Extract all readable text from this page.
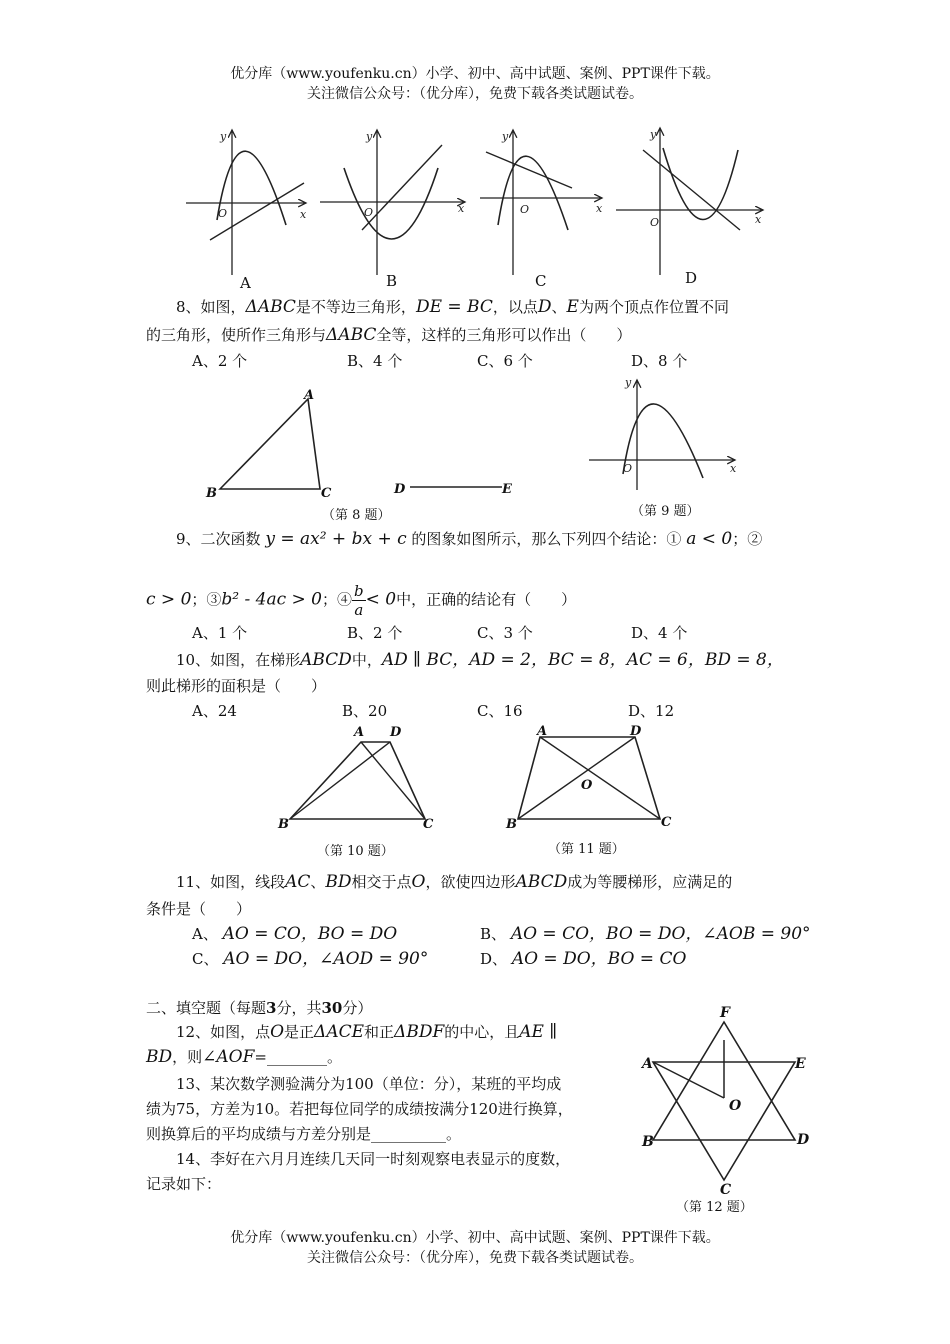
优分库（www.youfenku.cn）小学、初中、高中试题、案例、PPT课件下载。
关注微信公众号：（优分库），免费下载各类试题试卷。
y
x
O
y
x
O
y
x
O
y
x
O
A	B	C	D
8、如图，ΔABC是不等边三角形，DE = BC，以点D、E为两个顶点作位置不同
的三角形，使所作三角形与ΔABC全等，这样的三角形可以作出（　　）
A、2 个	B、4 个	C、6 个	D、8 个
A
B	C	D	E
（第 8 题）
y
x
O
（第 9 题）
9、二次函数 y = ax² + bx + c 的图象如图所示，那么下列四个结论：① a < 0；②
c > 0；③b² - 4ac > 0；④ $\frac{b}{a} < 0$中，正确的结论有（　　）
A、1 个	B、2 个	C、3 个	D、4 个
10、如图，在梯形ABCD中，AD ∥ BC，AD = 2，BC = 8，AC = 6，BD = 8，
则此梯形的面积是（　　）
A、24	B、20	C、16	D、12
A D
B	C
（第 10 题）
A	D
B	C
O
（第 11 题）
11、如图，线段AC、BD相交于点O，欲使四边形ABCD成为等腰梯形，应满足的
条件是（　　）
A、 AO = CO，BO = DO	B、 AO = CO，BO = DO，∠AOB = 90°
C、 AO = DO，∠AOD = 90°	D、 AO = DO，BO = CO
二、填空题（每题3分，共30分）
12、如图，点O是正ΔACE和正ΔBDF的中心，且AE ∥
BD，则∠AOF=________。
13、某次数学测验满分为100（单位：分），某班的平均成
绩为75，方差为10。若把每位同学的成绩按满分120进行换算，
则换算后的平均成绩与方差分别是__________。
14、李好在六月月连续几天同一时刻观察电表显示的度数，
记录如下：
F
A	E
O
B	D
C
（第 12 题）
优分库（www.youfenku.cn）小学、初中、高中试题、案例、PPT课件下载。
关注微信公众号：（优分库），免费下载各类试题试卷。
